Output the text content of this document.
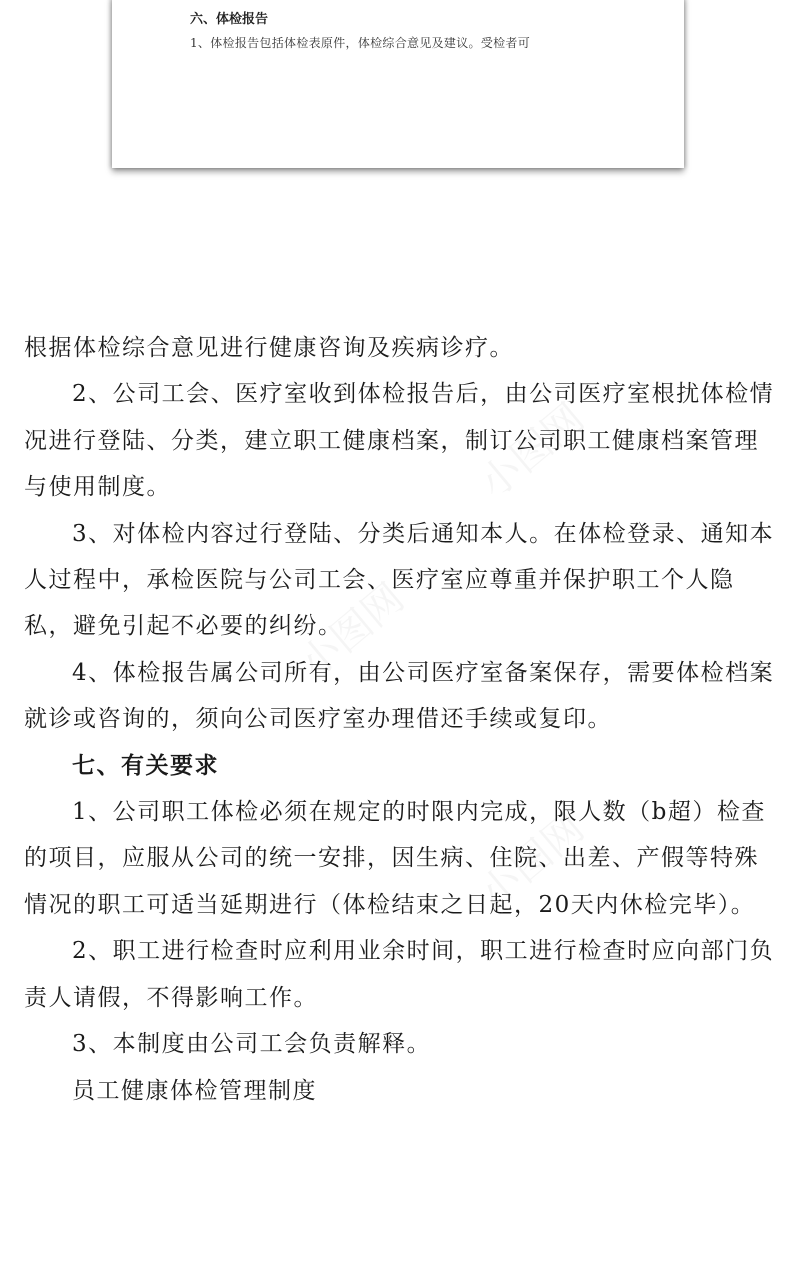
六、体检报告
1、体检报告包括体检表原件，体检综合意见及建议。受检者可
小图网
小图网
小图网

根据体检综合意见进行健康咨询及疾病诊疗。

2、公司工会、医疗室收到体检报告后，由公司医疗室根扰体检情况进行登陆、分类，建立职工健康档案，制订公司职工健康档案管理与使用制度。

3、对体检内容过行登陆、分类后通知本人。在体检登录、通知本人过程中，承检医院与公司工会、医疗室应尊重并保护职工个人隐私，避免引起不必要的纠纷。

4、体检报告属公司所有，由公司医疗室备案保存，需要体检档案就诊或咨询的，须向公司医疗室办理借还手续或复印。

七、有关要求

1、公司职工体检必须在规定的时限内完成，限人数（b超）检查的项目，应服从公司的统一安排，因生病、住院、出差、产假等特殊情况的职工可适当延期进行（体检结束之日起，20天内休检完毕）。

2、职工进行检查时应利用业余时间，职工进行检查时应向部门负责人请假，不得影响工作。

3、本制度由公司工会负责解释。

员工健康体检管理制度
